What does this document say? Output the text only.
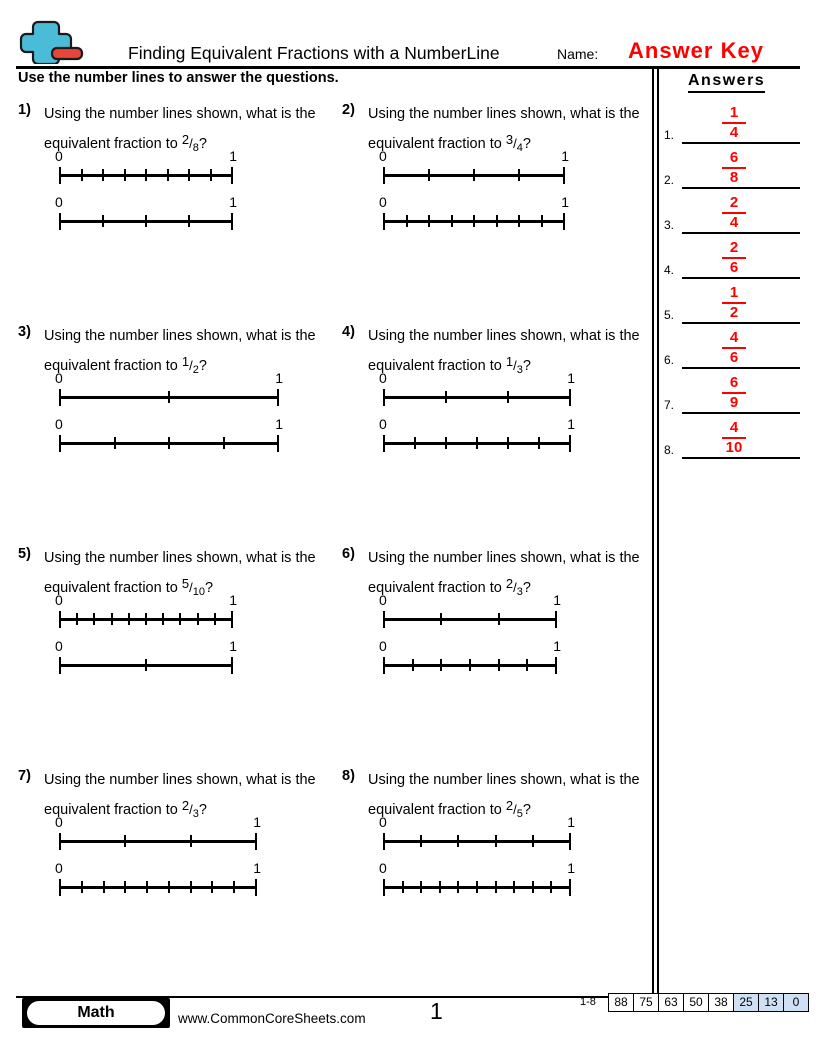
Finding Equivalent Fractions with a NumberLine	Name: Answer Key
Use the number lines to answer the questions.	Answers
1.
1
4
2.
6
8
3.
2
4
4.
2
6
5.
1
2
6.
4
6
7.
6
9
8.
4
10
1) Using the number lines shown, what is the equivalent fraction to $2/_8$?
0	1
0	1
2) Using the number lines shown, what is the equivalent fraction to $3/_4$?
0	1
0	1
3) Using the number lines shown, what is the equivalent fraction to $1/_2$?
0	1
0	1
4) Using the number lines shown, what is the equivalent fraction to $1/_3$?
0	1
0	1
5) Using the number lines shown, what is the equivalent fraction to $5/_{10}$?
0	1
0	1
6) Using the number lines shown, what is the equivalent fraction to $2/_3$?
0	1
0	1
7) Using the number lines shown, what is the equivalent fraction to $2/_3$?
0	1
0	1
8) Using the number lines shown, what is the equivalent fraction to $2/_5$?
0	1
0	1
Math	www.CommonCoreSheets.com	1	1-8	88 75 63 50 38 25 13	0
